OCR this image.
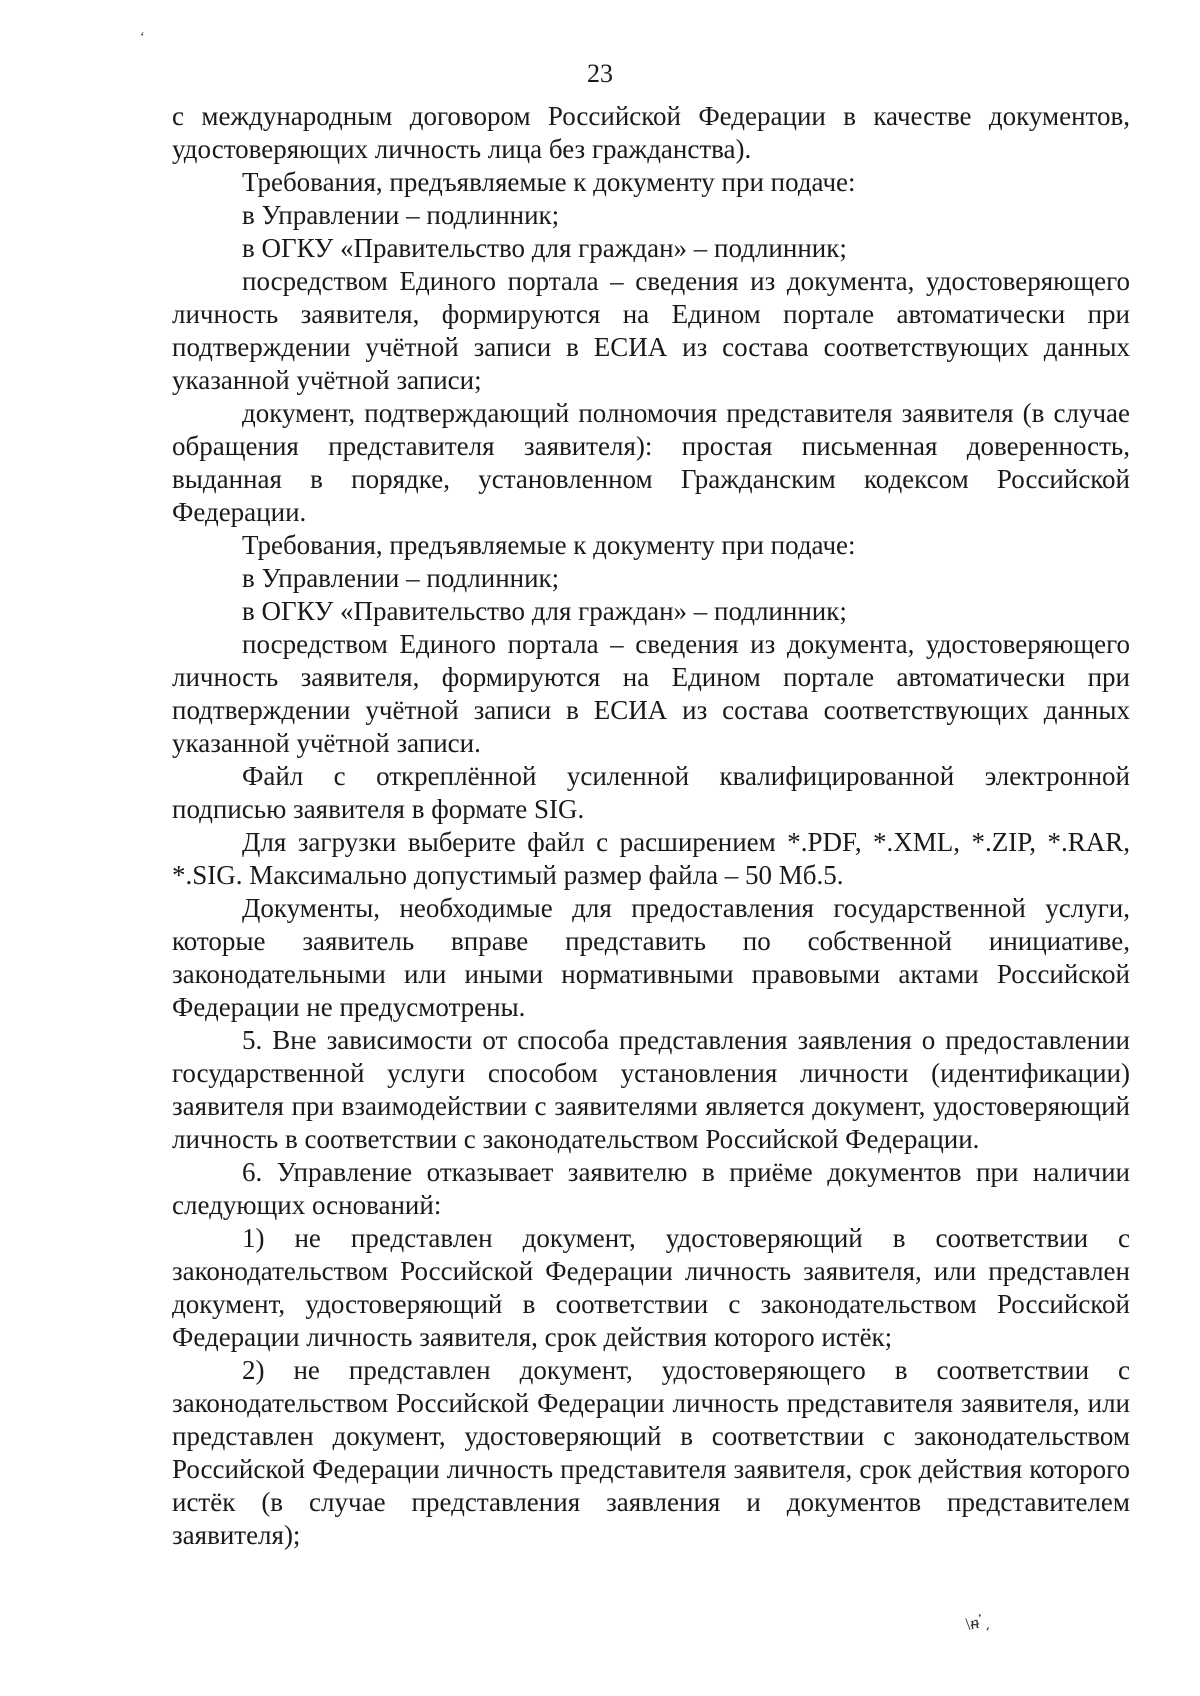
‘
23

с международным договором Российской Федерации в качестве документов, удостоверяющих личность лица без гражданства).

Требования, предъявляемые к документу при подаче:

в Управлении – подлинник;

в ОГКУ «Правительство для граждан» – подлинник;

посредством Единого портала – сведения из документа, удостоверяющего личность заявителя, формируются на Едином портале автоматически при подтверждении учётной записи в ЕСИА из состава соответствующих данных указанной учётной записи;

документ, подтверждающий полномочия представителя заявителя (в случае обращения представителя заявителя): простая письменная доверенность, выданная в порядке, установленном Гражданским кодексом Российской Федерации.

Требования, предъявляемые к документу при подаче:

в Управлении – подлинник;

в ОГКУ «Правительство для граждан» – подлинник;

посредством Единого портала – сведения из документа, удостоверяющего личность заявителя, формируются на Едином портале автоматически при подтверждении учётной записи в ЕСИА из состава соответствующих данных указанной учётной записи.

Файл с откреплённой усиленной квалифицированной электронной подписью заявителя в формате SIG.

Для загрузки выберите файл с расширением *.PDF, *.XML, *.ZIP, *.RAR, *.SIG. Максимально допустимый размер файла – 50 Мб.5.

Документы, необходимые для предоставления государственной услуги, которые заявитель вправе представить по собственной инициативе, законодательными или иными нормативными правовыми актами Российской Федерации не предусмотрены.

5. Вне зависимости от способа представления заявления о предоставлении государственной услуги способом установления личности (идентификации) заявителя при взаимодействии с заявителями является документ, удостоверяющий личность в соответствии с законодательством Российской Федерации.

6. Управление отказывает заявителю в приёме документов при наличии следующих оснований:

1) не представлен документ, удостоверяющий в соответствии с законодательством Российской Федерации личность заявителя, или представлен документ, удостоверяющий в соответствии с законодательством Российской Федерации личность заявителя, срок действия которого истёк;

2) не представлен документ, удостоверяющего в соответствии с законодательством Российской Федерации личность представителя заявителя, или представлен документ, удостоверяющий в соответствии с законодательством Российской Федерации личность представителя заявителя, срок действия которого истёк (в случае представления заявления и документов представителем заявителя);

\ᵰ̓ ͵
